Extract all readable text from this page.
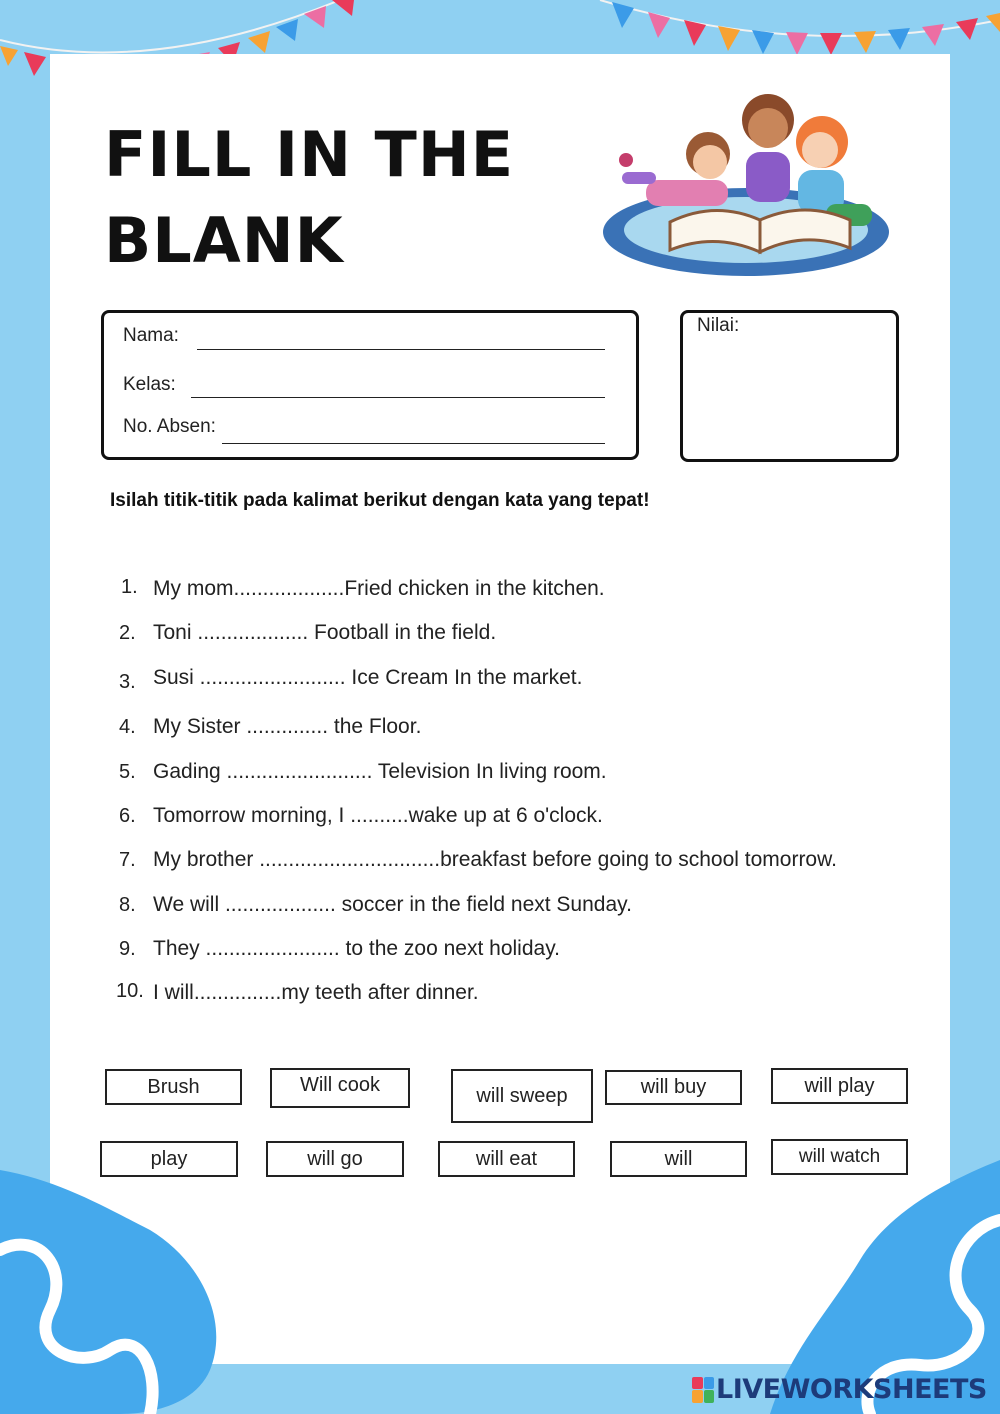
FILL IN THE
BLANK
Nama:
Kelas:
No. Absen:
Nilai:
Isilah titik-titik pada kalimat berikut dengan kata yang tepat!
1. My mom...................Fried chicken in the kitchen.
2. Toni ................... Football in the field.
3. Susi ......................... Ice Cream In the market.
4. My Sister .............. the Floor.
5. Gading ......................... Television In living room.
6. Tomorrow morning, I ..........wake up at 6 o'clock.
7. My brother ...............................breakfast before going to school tomorrow.
8. We will ................... soccer in the field next Sunday.
9. They ....................... to the zoo next holiday.
10. I will...............my teeth after dinner.
Brush	Will cook	will sweep	will buy	will play
play	will go	will eat	will	will watch
LIVEWORKSHEETS
